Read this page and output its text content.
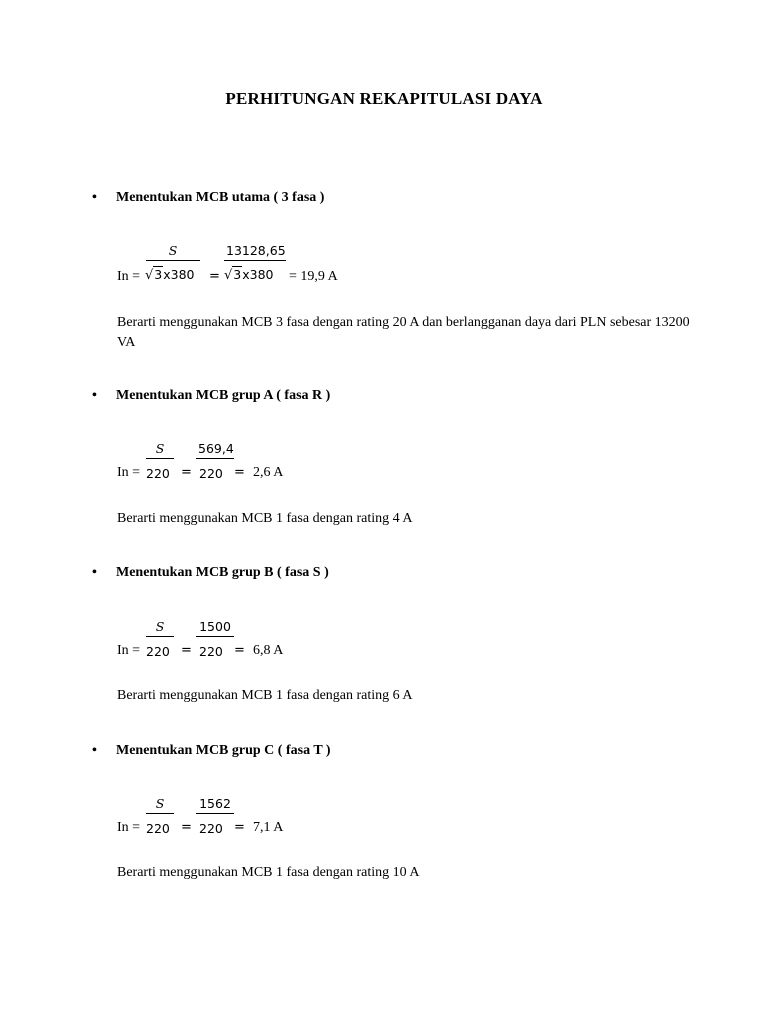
PERHITUNGAN REKAPITULASI DAYA
• Menentukan MCB utama ( 3 fasa )
In =
S
√3x380 =
13128,65
√3x380 = 19,9 A
Berarti menggunakan MCB 3 fasa dengan rating 20 A dan berlangganan daya dari PLN sebesar 13200 VA
• Menentukan MCB grup A ( fasa R )
In =
S
220 =
569,4
220 = 2,6 A
Berarti menggunakan MCB 1 fasa dengan rating 4 A
• Menentukan MCB grup B ( fasa S )
In =
S
220 =
1500
220 = 6,8 A
Berarti menggunakan MCB 1 fasa dengan rating 6 A
• Menentukan MCB grup C ( fasa T )
In =
S
220 =
1562
220 = 7,1 A
Berarti menggunakan MCB 1 fasa dengan rating 10 A
